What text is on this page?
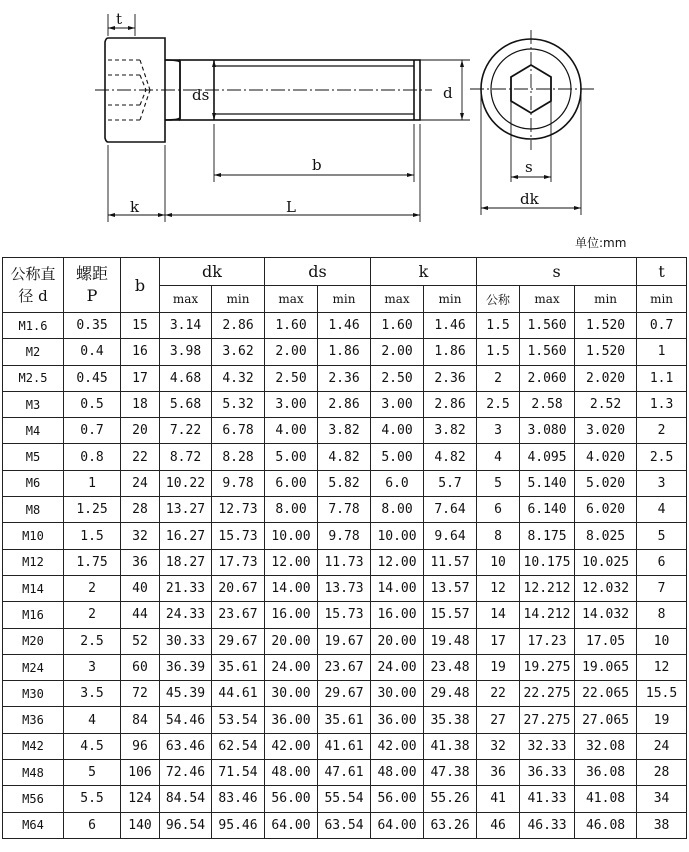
t
ds	d
b
k	L
s
dk
单位:mm
公称直
径 d	螺距
P	b	dk		ds		k		s			t
			max	min	max	min	max	min	公称	max	min	min
M1.6	0.35	15	3.14	2.86	1.60	1.46	1.60	1.46	1.5	1.560	1.520	0.7
M2	0.4	16	3.98	3.62	2.00	1.86	2.00	1.86	1.5	1.560	1.520	1
M2.5	0.45	17	4.68	4.32	2.50	2.36	2.50	2.36	2	2.060	2.020	1.1
M3	0.5	18	5.68	5.32	3.00	2.86	3.00	2.86	2.5	2.58	2.52	1.3
M4	0.7	20	7.22	6.78	4.00	3.82	4.00	3.82	3	3.080	3.020	2
M5	0.8	22	8.72	8.28	5.00	4.82	5.00	4.82	4	4.095	4.020	2.5
M6	1	24	10.22	9.78	6.00	5.82	6.0	5.7	5	5.140	5.020	3
M8	1.25	28	13.27	12.73	8.00	7.78	8.00	7.64	6	6.140	6.020	4
M10	1.5	32	16.27	15.73	10.00	9.78	10.00	9.64	8	8.175	8.025	5
M12	1.75	36	18.27	17.73	12.00	11.73	12.00	11.57	10	10.175	10.025	6
M14	2	40	21.33	20.67	14.00	13.73	14.00	13.57	12	12.212	12.032	7
M16	2	44	24.33	23.67	16.00	15.73	16.00	15.57	14	14.212	14.032	8
M20	2.5	52	30.33	29.67	20.00	19.67	20.00	19.48	17	17.23	17.05	10
M24	3	60	36.39	35.61	24.00	23.67	24.00	23.48	19	19.275	19.065	12
M30	3.5	72	45.39	44.61	30.00	29.67	30.00	29.48	22	22.275	22.065	15.5
M36	4	84	54.46	53.54	36.00	35.61	36.00	35.38	27	27.275	27.065	19
M42	4.5	96	63.46	62.54	42.00	41.61	42.00	41.38	32	32.33	32.08	24
M48	5	106	72.46	71.54	48.00	47.61	48.00	47.38	36	36.33	36.08	28
M56	5.5	124	84.54	83.46	56.00	55.54	56.00	55.26	41	41.33	41.08	34
M64	6	140	96.54	95.46	64.00	63.54	64.00	63.26	46	46.33	46.08	38
